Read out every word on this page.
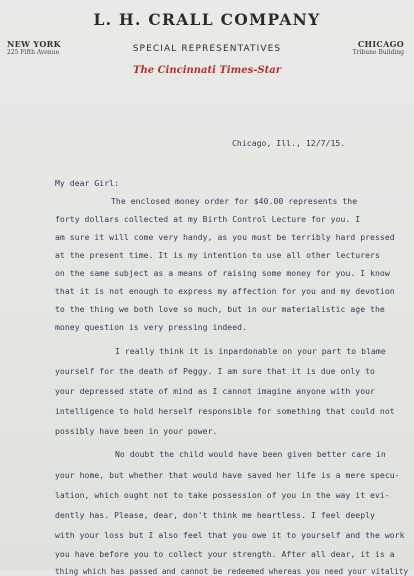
L. H. CRALL COMPANY
NEW YORK
225 Fifth Avenue	SPECIAL REPRESENTATIVES	CHICAGO
Tribune Building
The Cincinnati Times-Star
Chicago, Ill., 12/7/15.
My dear Girl:
The enclosed money order for $40.00 represents the
forty dollars collected at my Birth Control Lecture for you. I
am sure it will come very handy, as you must be terribly hard pressed
at the present time. It is my intention to use all other lecturers
on the same subject as a means of raising some money for you. I know
that it is not enough to express my affection for you and my devotion
to the thing we both love so much, but in our materialistic age the
money question is very pressing indeed.
I really think it is inpardonable on your part to blame
yourself for the death of Peggy. I am sure that it is due only to
your depressed state of mind as I cannot imagine anyone with your
intelligence to hold herself responsible for something that could not
possibly have been in your power.
No doubt the child would have been given better care in
your home, but whether that would have saved her life is a mere specu-
lation, which ought not to take possession of you in the way it evi-
dently has. Please, dear, don't think me heartless. I feel deeply
with your loss but I also feel that you owe it to yourself and the work
you have before you to collect your strength. After all dear, it is a
thing which has passed and cannot be redeemed whereas you need your vitality
